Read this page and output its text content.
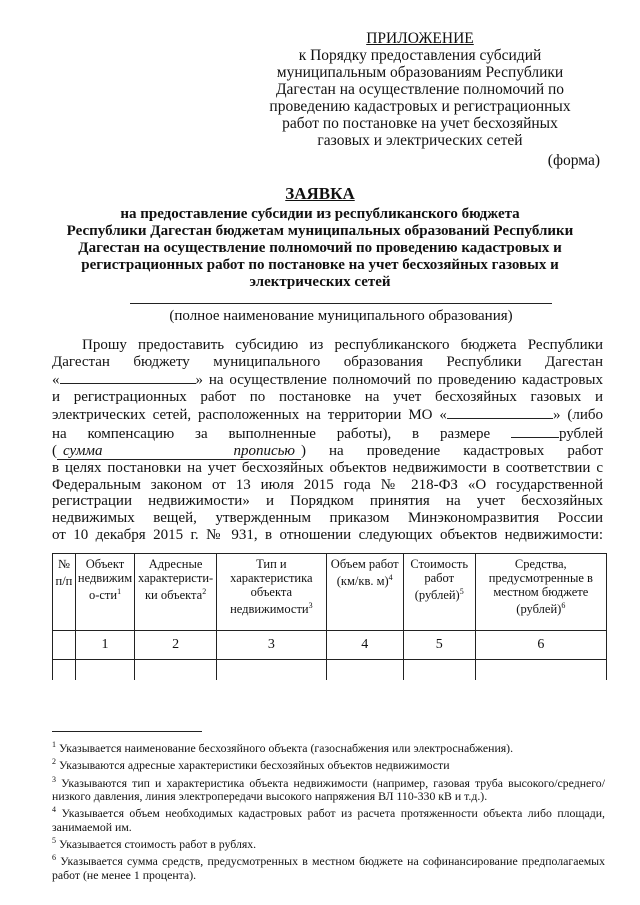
ПРИЛОЖЕНИЕ
к Порядку предоставления субсидий
муниципальным образованиям Республики
Дагестан на осуществление полномочий по
проведению кадастровых и регистрационных
работ по постановке на учет бесхозяйных
газовых и электрических сетей
(форма)
ЗАЯВКА
на предоставление субсидии из республиканского бюджета
Республики Дагестан бюджетам муниципальных образований Республики
Дагестан на осуществление полномочий по проведению кадастровых и
регистрационных работ по постановке на учет бесхозяйных газовых и
электрических сетей
(полное наименование муниципального образования)
Прошу предоставить субсидию из республиканского бюджета Республики
Дагестан бюджету муниципального образования Республики Дагестан
«	» на осуществление полномочий по проведению кадастровых
и регистрационных работ по постановке на учет бесхозяйных газовых и
электрических сетей, расположенных на территории МО «	» (либо
на компенсацию за выполненные работы), в размере	рублей
( сумма прописью ) на проведение кадастровых работ
в целях постановки на учет бесхозяйных объектов недвижимости в соответствии с
Федеральным законом от 13 июля 2015 года № 218-ФЗ «О государственной
регистрации недвижимости» и Порядком принятия на учет бесхозяйных
недвижимых вещей, утвержденным приказом Минэкономразвития России
от 10 декабря 2015 г. № 931, в отношении следующих объектов недвижимости:
№ п/п	Объект недвижим о-сти$^1$	Адресные характеристи-ки объекта$^2$	Тип и характеристика объекта недвижимости$^3$	Объем работ (км/кв. м)$^4$	Стоимость работ (рублей)$^5$	Средства, предусмотренные в местном бюджете (рублей)$^6$
	1	2	3	4	5	6

$^1$ Указывается наименование бесхозяйного объекта (газоснабжения или электроснабжения).
$^2$ Указываются адресные характеристики бесхозяйных объектов недвижимости
$^3$ Указываются тип и характеристика объекта недвижимости (например, газовая труба высокого/среднего/низкого давления, линия электропередачи высокого напряжения ВЛ 110-330 кВ и т.д.).
$^4$ Указывается объем необходимых кадастровых работ из расчета протяженности объекта либо площади, занимаемой им.
$^5$ Указывается стоимость работ в рублях.
$^6$ Указывается сумма средств, предусмотренных в местном бюджете на софинансирование предполагаемых работ (не менее 1 процента).
